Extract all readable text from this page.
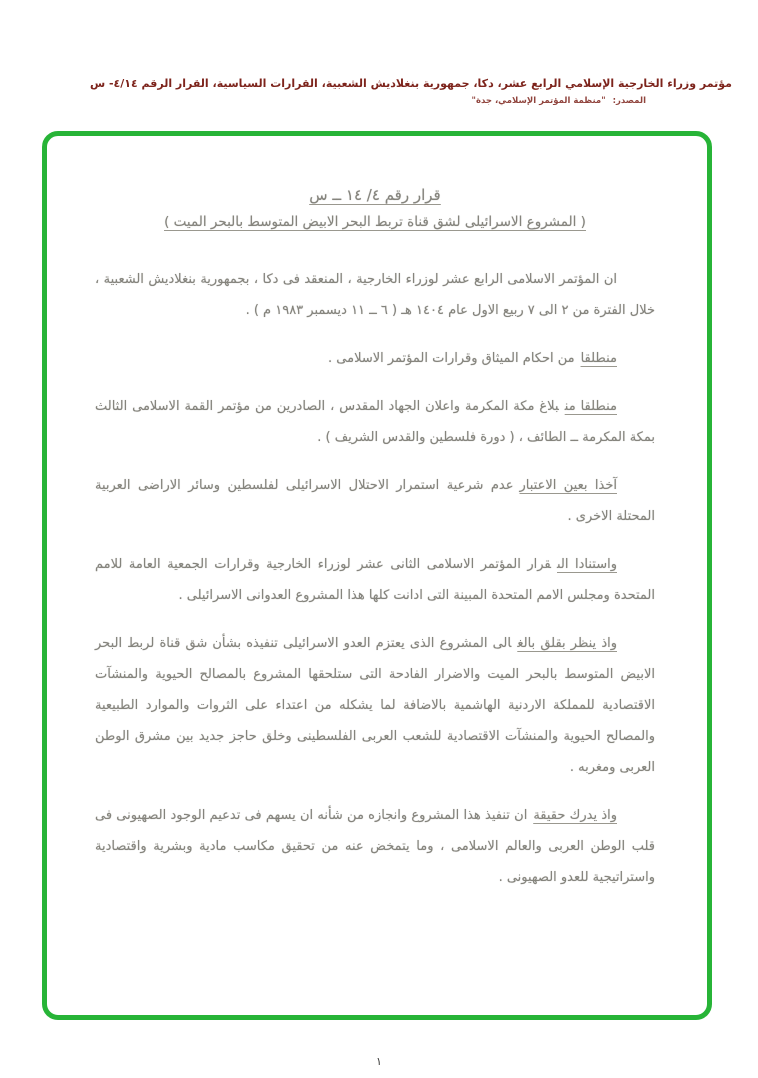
مؤتمر وزراء الخارجية الإسلامي الرابع عشر، دكا، جمهورية بنغلاديش الشعبية، القرارات السياسية، القرار الرقم ٤/١٤- س
المصدر: "منظمة المؤتمر الإسلامي، جدة"
قرار رقم ٤/ ١٤ ــ س
( المشروع الاسرائيلى لشق قناة تربط البحر الابيض المتوسط بالبحر الميت )

ان المؤتمر الاسلامى الرابع عشر لوزراء الخارجية ، المنعقد فى دكا ، بجمهورية بنغلاديش الشعبية ، خلال الفترة من ٢ الى ٧ ربيع الاول عام ١٤٠٤ هـ ( ٦ ــ ١١ ديسمبر ١٩٨٣ م ) .

منطلقامن احكام الميثاق وقرارات المؤتمر الاسلامى .

منطلقا منبلاغ مكة المكرمة واعلان الجهاد المقدس ، الصادرين من مؤتمر القمة الاسلامى الثالث بمكة المكرمة ــ الطائف ، ( دورة فلسطين والقدس الشريف ) .

آخذا بعين الاعتبارعدم شرعية استمرار الاحتلال الاسرائيلى لفلسطين وسائر الاراضى العربية المحتلة الاخرى .

واستنادا الىقرار المؤتمر الاسلامى الثانى عشر لوزراء الخارجية وقرارات الجمعية العامة للامم المتحدة ومجلس الامم المتحدة المبينة التى ادانت كلها هذا المشروع العدوانى الاسرائيلى .

واذ ينظر بقلق بالغالى المشروع الذى يعتزم العدو الاسرائيلى تنفيذه بشأن شق قناة لربط البحر الابيض المتوسط بالبحر الميت والاضرار الفادحة التى ستلحقها المشروع بالمصالح الحيوية والمنشآت الاقتصادية للمملكة الاردنية الهاشمية بالاضافة لما يشكله من اعتداء على الثروات والموارد الطبيعية والمصالح الحيوية والمنشآت الاقتصادية للشعب العربى الفلسطينى وخلق حاجز جديد بين مشرق الوطن العربى ومغربه .

واذ يدرك حقيقةان تنفيذ هذا المشروع وانجازه من شأنه ان يسهم فى تدعيم الوجود الصهيونى فى قلب الوطن العربى والعالم الاسلامى ، وما يتمخض عنه من تحقيق مكاسب مادية وبشرية واقتصادية واستراتيجية للعدو الصهيونى .

١
